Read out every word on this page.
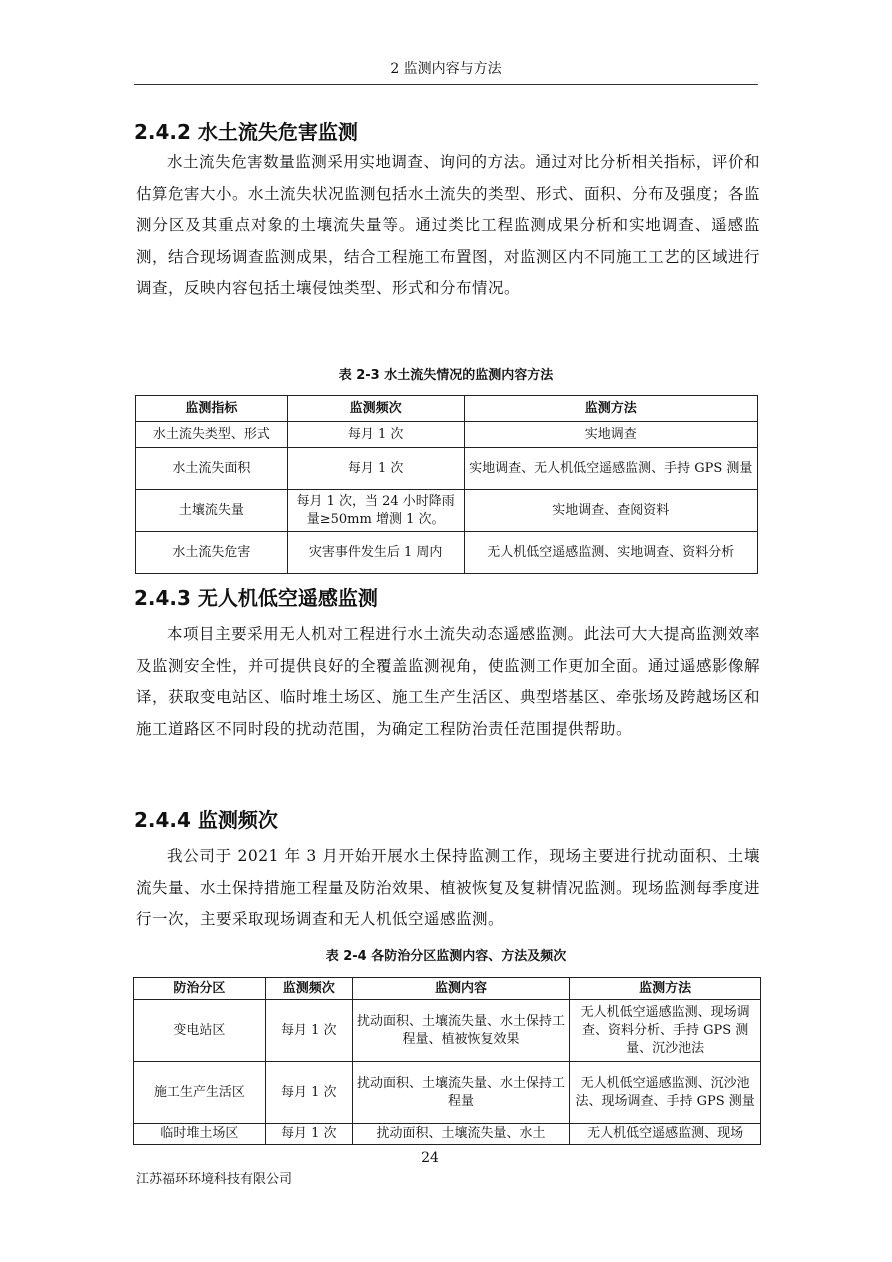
2 监测内容与方法
2.4.2 水土流失危害监测
水土流失危害数量监测采用实地调查、询问的方法。通过对比分析相关指标，评价和估算危害大小。水土流失状况监测包括水土流失的类型、形式、面积、分布及强度；各监测分区及其重点对象的土壤流失量等。通过类比工程监测成果分析和实地调查、遥感监测，结合现场调查监测成果，结合工程施工布置图，对监测区内不同施工工艺的区域进行调查，反映内容包括土壤侵蚀类型、形式和分布情况。
表 2-3 水土流失情况的监测内容方法
监测指标	监测频次	监测方法
水土流失类型、形式	每月 1 次	实地调查
水土流失面积	每月 1 次	实地调查、无人机低空遥感监测、手持 GPS 测量
土壤流失量	每月 1 次，当 24 小时降雨量≥50mm 增测 1 次。	实地调查、查阅资料
水土流失危害	灾害事件发生后 1 周内	无人机低空遥感监测、实地调查、资料分析
2.4.3 无人机低空遥感监测
本项目主要采用无人机对工程进行水土流失动态遥感监测。此法可大大提高监测效率及监测安全性，并可提供良好的全覆盖监测视角，使监测工作更加全面。通过遥感影像解译，获取变电站区、临时堆土场区、施工生产生活区、典型塔基区、牵张场及跨越场区和施工道路区不同时段的扰动范围，为确定工程防治责任范围提供帮助。
2.4.4 监测频次
我公司于 2021 年 3 月开始开展水土保持监测工作，现场主要进行扰动面积、土壤流失量、水土保持措施工程量及防治效果、植被恢复及复耕情况监测。现场监测每季度进行一次，主要采取现场调查和无人机低空遥感监测。
表 2-4 各防治分区监测内容、方法及频次
防治分区	监测频次	监测内容	监测方法
变电站区	每月 1 次	扰动面积、土壤流失量、水土保持工程量、植被恢复效果	无人机低空遥感监测、现场调查、资料分析、手持 GPS 测量、沉沙池法
施工生产生活区	每月 1 次	扰动面积、土壤流失量、水土保持工程量	无人机低空遥感监测、沉沙池法、现场调查、手持 GPS 测量
临时堆土场区	每月 1 次	扰动面积、土壤流失量、水土	无人机低空遥感监测、现场
24
江苏福环环境科技有限公司
